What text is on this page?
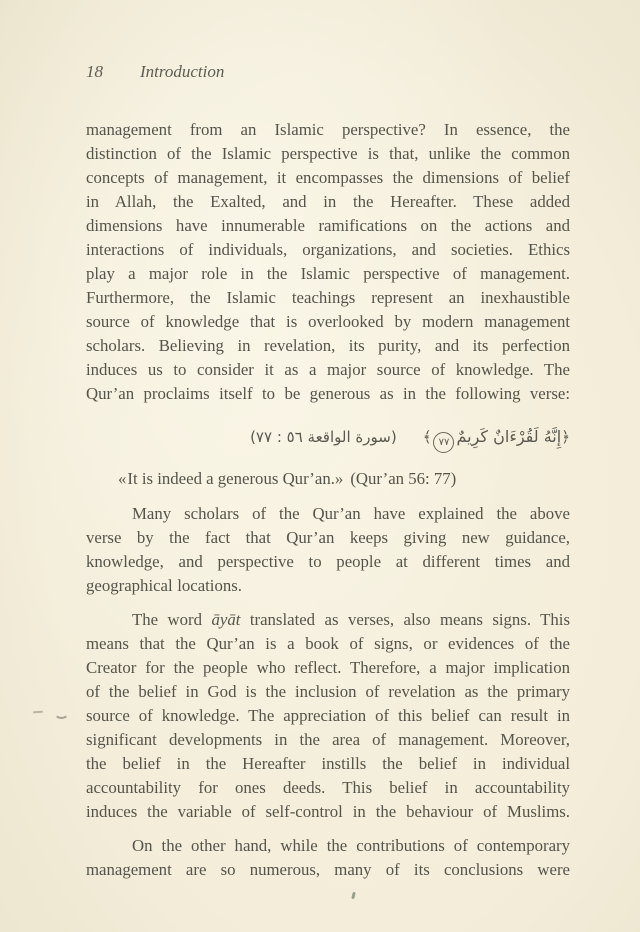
18	Introduction
management from an Islamic perspective? In essence, the
distinction of the Islamic perspective is that, unlike the common
concepts of management, it encompasses the dimensions of belief
in Allah, the Exalted, and in the Hereafter. These added
dimensions have innumerable ramifications on the actions and
interactions of individuals, organizations, and societies. Ethics
play a major role in the Islamic perspective of management.
Furthermore, the Islamic teachings represent an inexhaustible
source of knowledge that is overlooked by modern management
scholars. Believing in revelation, its purity, and its perfection
induces us to consider it as a major source of knowledge. The
Qur’an proclaims itself to be generous as in the following verse:
﴿إِنَّهُ لَقُرْءَانٌ كَرِيمٌ٧٧﴾(سورة الواقعة ٥٦ : ٧٧)
«It is indeed a generous Qur’an.» (Qur’an 56: 77)
Many scholars of the Qur’an have explained the above
verse by the fact that Qur’an keeps giving new guidance,
knowledge, and perspective to people at different times and
geographical locations.
The word āyāt translated as verses, also means signs. This
means that the Qur’an is a book of signs, or evidences of the
Creator for the people who reflect. Therefore, a major implication
of the belief in God is the inclusion of revelation as the primary
source of knowledge. The appreciation of this belief can result in
significant developments in the area of management. Moreover,
the belief in the Hereafter instills the belief in individual
accountability for ones deeds. This belief in accountability
induces the variable of self-control in the behaviour of Muslims.
On the other hand, while the contributions of contemporary
management are so numerous, many of its conclusions were
